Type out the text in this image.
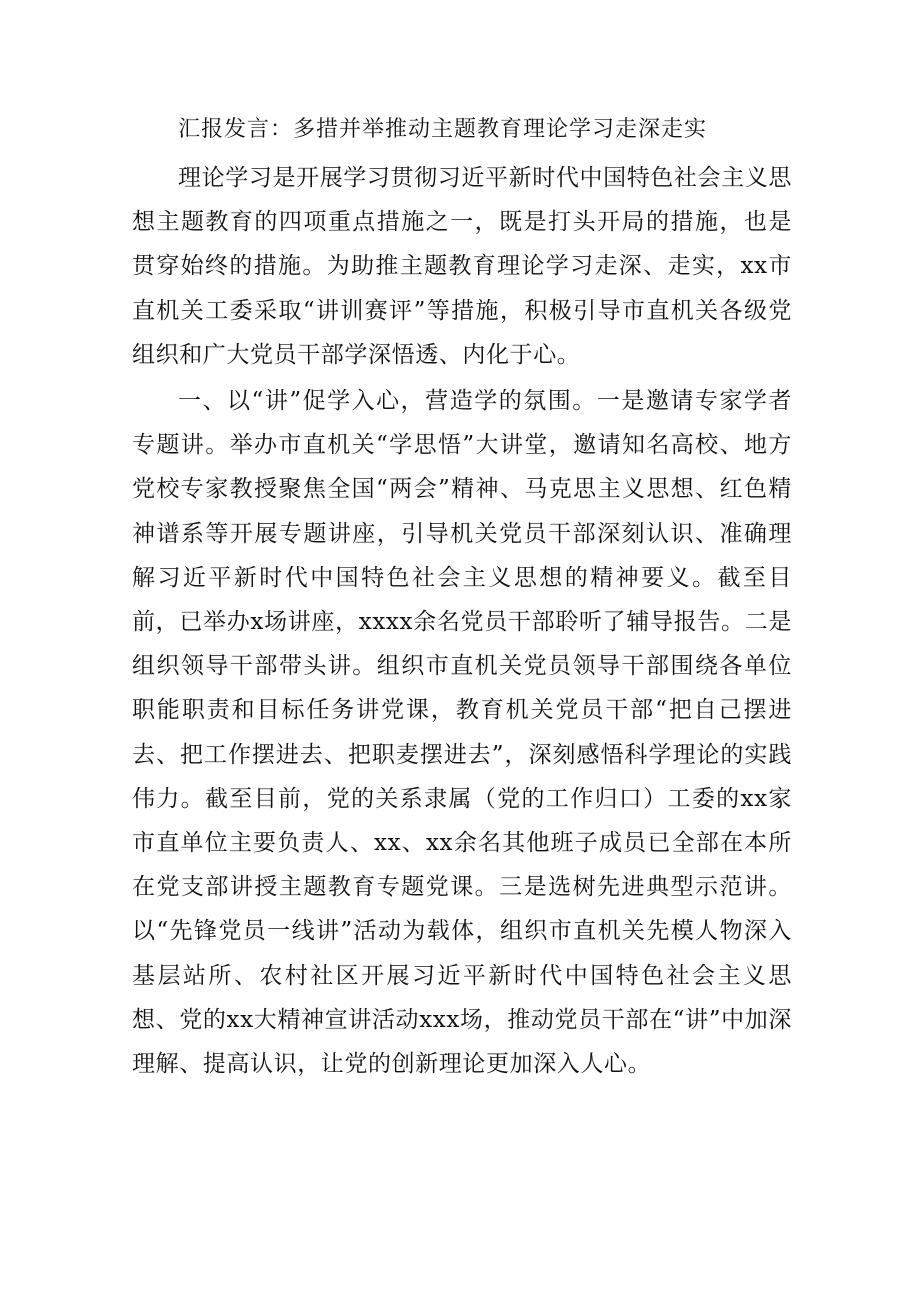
汇报发言：多措并举推动主题教育理论学习走深走实

理论学习是开展学习贯彻习近平新时代中国特色社会主义思想主题教育的四项重点措施之一，既是打头开局的措施，也是贯穿始终的措施。为助推主题教育理论学习走深、走实，xx市直机关工委采取“讲训赛评”等措施，积极引导市直机关各级党组织和广大党员干部学深悟透、内化于心。

一、以“讲”促学入心，营造学的氛围。一是邀请专家学者专题讲。举办市直机关“学思悟”大讲堂，邀请知名高校、地方党校专家教授聚焦全国“两会”精神、马克思主义思想、红色精神谱系等开展专题讲座，引导机关党员干部深刻认识、准确理解习近平新时代中国特色社会主义思想的精神要义。截至目前，已举办x场讲座，xxxx余名党员干部聆听了辅导报告。二是组织领导干部带头讲。组织市直机关党员领导干部围绕各单位职能职责和目标任务讲党课，教育机关党员干部“把自己摆进去、把工作摆进去、把职麦摆进去”，深刻感悟科学理论的实践伟力。截至目前，党的关系隶属（党的工作归口）工委的xx家市直单位主要负责人、xx、xx余名其他班子成员已全部在本所在党支部讲授主题教育专题党课。三是选树先进典型示范讲。以“先锋党员一线讲”活动为载体，组织市直机关先模人物深入基层站所、农村社区开展习近平新时代中国特色社会主义思想、党的xx大精神宣讲活动xxx场，推动党员干部在“讲”中加深理解、提高认识，让党的创新理论更加深入人心。
